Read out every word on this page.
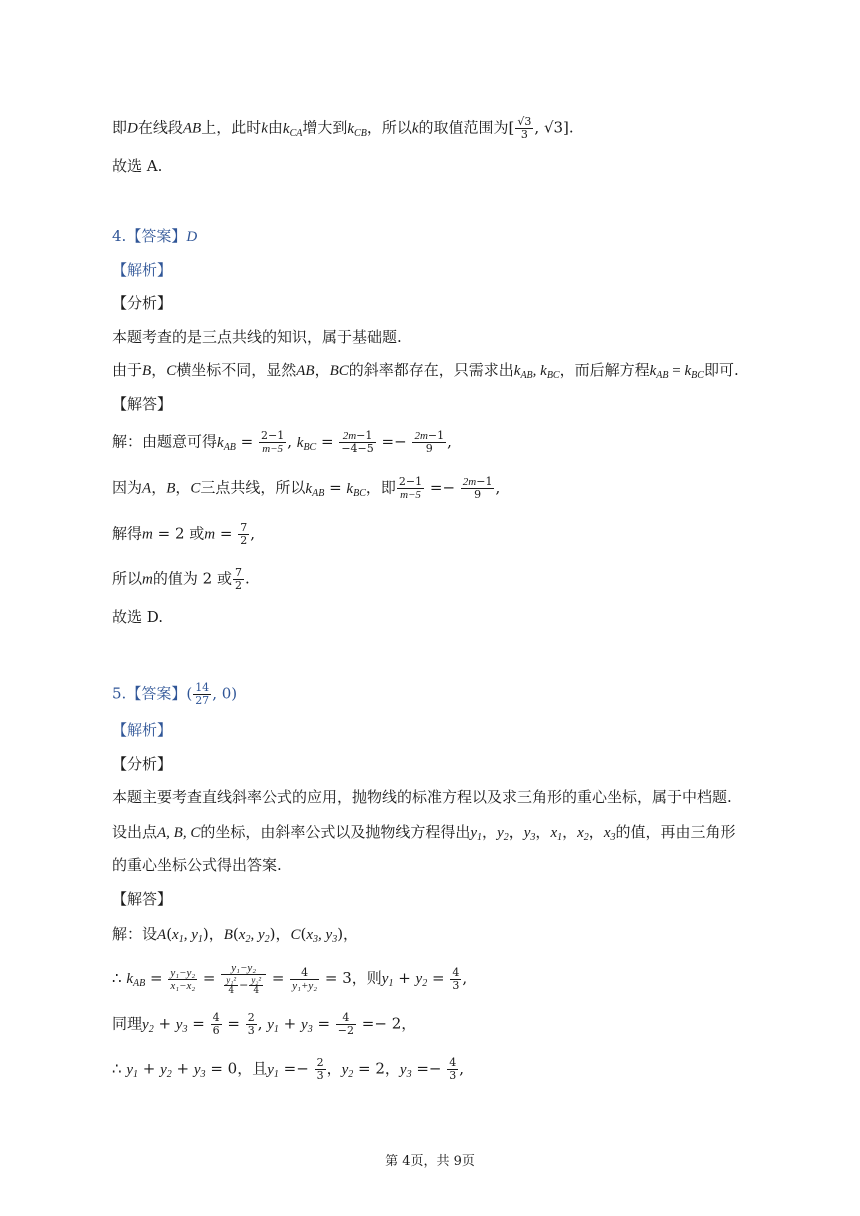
即D在线段AB上，此时k由$k_{CA}$增大到$k_{CB}$，所以k的取值范围为[ $\frac{√3}{3}$ , √3].
故选 A.
4.【答案】D
【解析】
【分析】
本题考查的是三点共线的知识，属于基础题.
由于B，C横坐标不同，显然AB，BC的斜率都存在，只需求出$k_{AB}$, $k_{BC}$，而后解方程$k_{AB} = k_{BC}$即可.
【解答】
解：由题意可得$k_{AB} = \frac{2-1}{m-5}$ , $k_{BC} = \frac{2m-1}{-4-5} =- \frac{2m-1}{9}$ ,
因为A，B，C三点共线，所以$k_{AB} = k_{BC}$，即 $\frac{2-1}{m-5} =- \frac{2m-1}{9}$ ,
解得m = 2 或$m = \frac{7}{2}$ ,
所以m的值为 2 或 $\frac{7}{2}$ .
故选 D.
5.【答案】( $\frac{14}{27}$ , 0)
【解析】
【分析】
本题主要考查直线斜率公式的应用，抛物线的标准方程以及求三角形的重心坐标，属于中档题.
设出点A, B, C的坐标，由斜率公式以及抛物线方程得出$y_1$，$y_2$，$y_3$，$x_1$，$x_2$，$x_3$的值，再由三角形
的重心坐标公式得出答案.
【解答】
解：设$A(x_1$, $y_1$)，$B(x_2$, $y_2$)，$C(x_3$, $y_3$)，
∴ $k_{AB} = \frac{\text{y₁−y₂}}{\text{x₁−x₂}} = \frac{\text{y₁−y₂}}{\frac{\text{y₁²}}{4} - \frac{\text{y₂²}}{4}} = \frac{4}{\text{y₁+y₂}} = 3$，则$y_1 + y_2 = \frac{4}{3}$ ,
同理$y_2 + y_3 = \frac{4}{6} = \frac{2}{3}$ , $y_1 + y_3 = \frac{4}{-2} =- 2$，
∴ $y_1 + y_2 + y_3 = 0$，且$y_1 =- \frac{2}{3}$ ，$y_2 = 2$，$y_3 =- \frac{4}{3}$ ,
第 4页，共 9页
